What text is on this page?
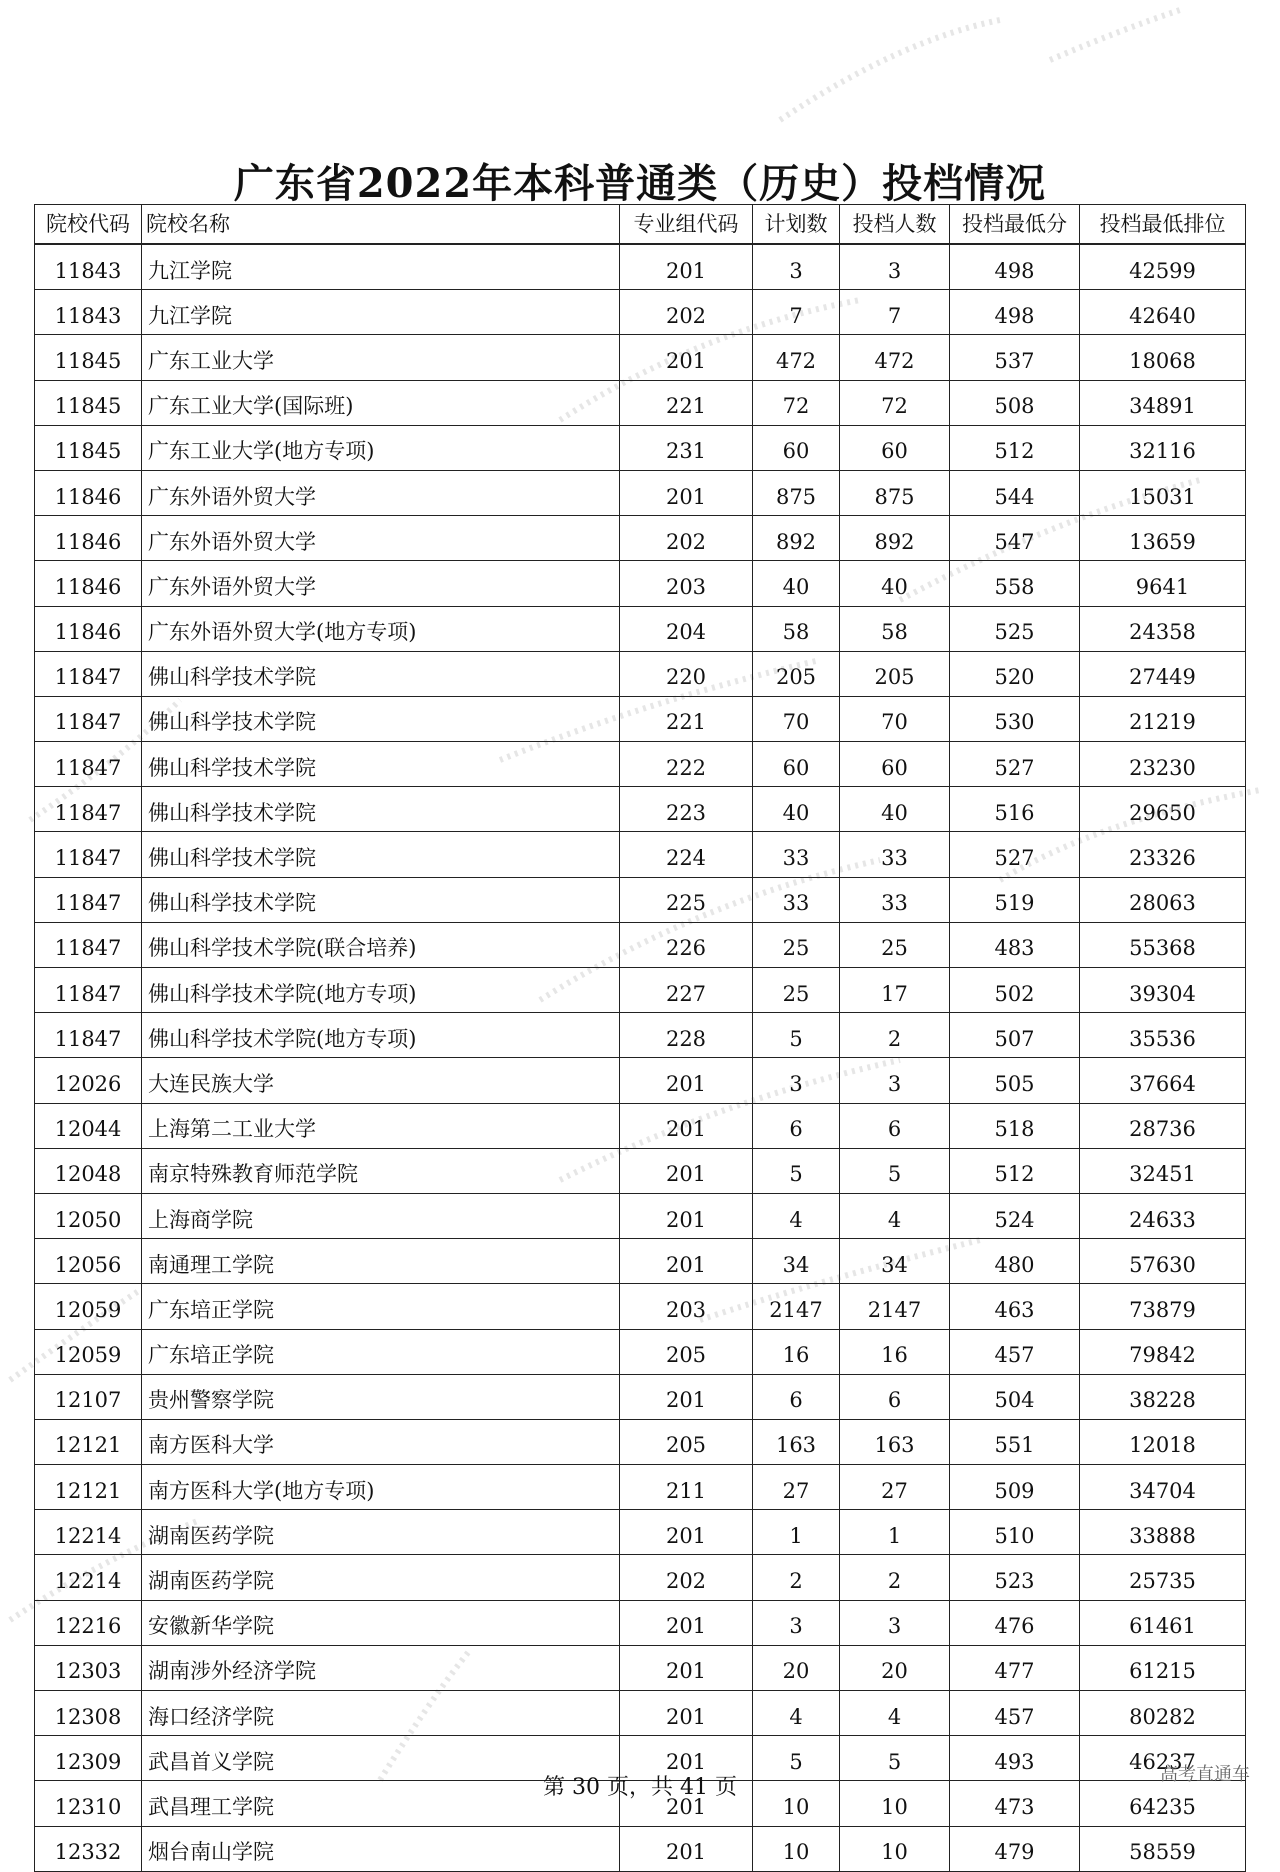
广东省2022年本科普通类（历史）投档情况
院校代码	院校名称	专业组代码	计划数	投档人数	投档最低分	投档最低排位
11843	九江学院	201	3	3	498	42599
11843	九江学院	202	7	7	498	42640
11845	广东工业大学	201	472	472	537	18068
11845	广东工业大学(国际班)	221	72	72	508	34891
11845	广东工业大学(地方专项)	231	60	60	512	32116
11846	广东外语外贸大学	201	875	875	544	15031
11846	广东外语外贸大学	202	892	892	547	13659
11846	广东外语外贸大学	203	40	40	558	9641
11846	广东外语外贸大学(地方专项)	204	58	58	525	24358
11847	佛山科学技术学院	220	205	205	520	27449
11847	佛山科学技术学院	221	70	70	530	21219
11847	佛山科学技术学院	222	60	60	527	23230
11847	佛山科学技术学院	223	40	40	516	29650
11847	佛山科学技术学院	224	33	33	527	23326
11847	佛山科学技术学院	225	33	33	519	28063
11847	佛山科学技术学院(联合培养)	226	25	25	483	55368
11847	佛山科学技术学院(地方专项)	227	25	17	502	39304
11847	佛山科学技术学院(地方专项)	228	5	2	507	35536
12026	大连民族大学	201	3	3	505	37664
12044	上海第二工业大学	201	6	6	518	28736
12048	南京特殊教育师范学院	201	5	5	512	32451
12050	上海商学院	201	4	4	524	24633
12056	南通理工学院	201	34	34	480	57630
12059	广东培正学院	203	2147	2147	463	73879
12059	广东培正学院	205	16	16	457	79842
12107	贵州警察学院	201	6	6	504	38228
12121	南方医科大学	205	163	163	551	12018
12121	南方医科大学(地方专项)	211	27	27	509	34704
12214	湖南医药学院	201	1	1	510	33888
12214	湖南医药学院	202	2	2	523	25735
12216	安徽新华学院	201	3	3	476	61461
12303	湖南涉外经济学院	201	20	20	477	61215
12308	海口经济学院	201	4	4	457	80282
12309	武昌首义学院	201	5	5	493	46237
12310	武昌理工学院	201	10	10	473	64235
12332	烟台南山学院	201	10	10	479	58559
第 30 页，共 41 页
高考直通车
